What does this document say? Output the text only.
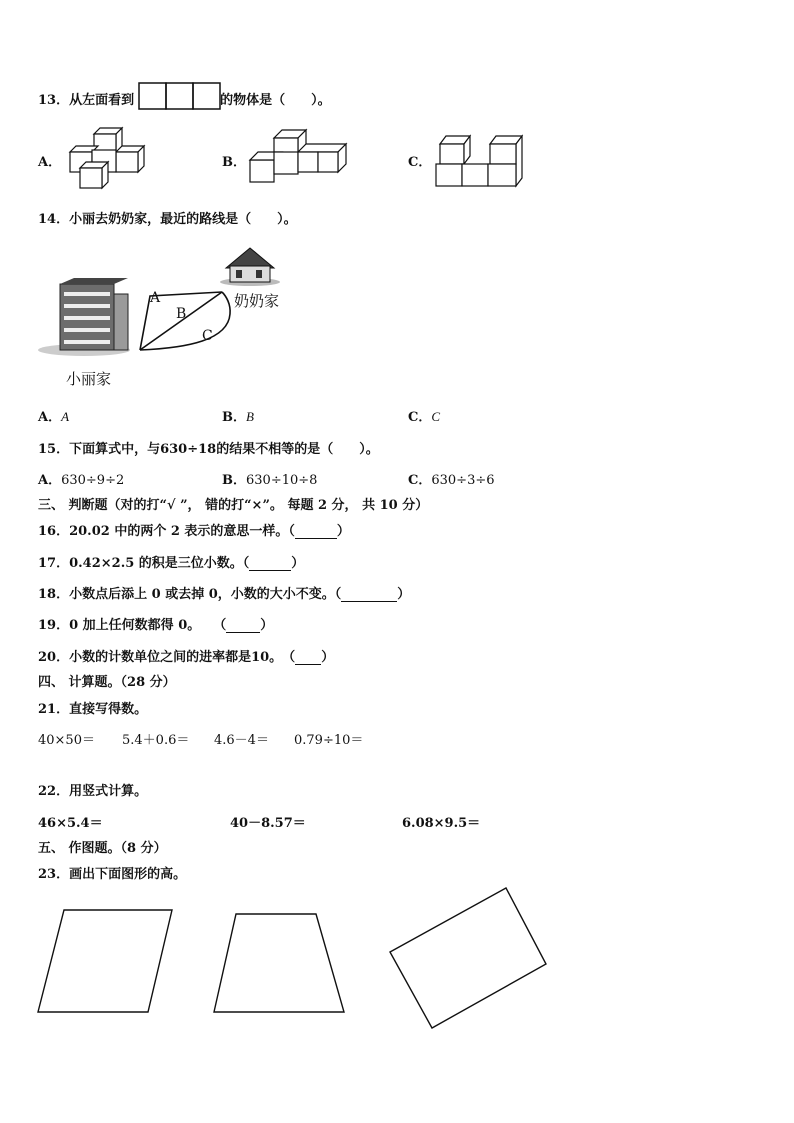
13．从左面看到	的物体是（　　）。
A．	B．	C．
14．小丽去奶奶家，最近的路线是（　　）。
A
B
C
奶奶家
小丽家
A．A	B．B	C．C
15．下面算式中，与630÷18的结果不相等的是（　　）。
A．630÷9÷2	B．630÷10÷8	C．630÷3÷6
三、 判断题（对的打“√ ”， 错的打“×”。 每题 2 分， 共 10 分）
16．20.02 中的两个 2 表示的意思一样。（	）
17．0.42×2.5 的积是三位小数。（	）
18．小数点后添上 0 或去掉 0，小数的大小不变。（	）
19．0 加上任何数都得 0。　　（	）
20．小数的计数单位之间的进率都是10。　（ ）
四、 计算题。（28 分）
21．直接写得数。
40×50＝ 5.4＋0.6＝ 4.6－4＝ 0.79÷10＝
22．用竖式计算。
46×5.4＝	40－8.57＝	6.08×9.5＝
五、 作图题。（8 分）
23．画出下面图形的高。
